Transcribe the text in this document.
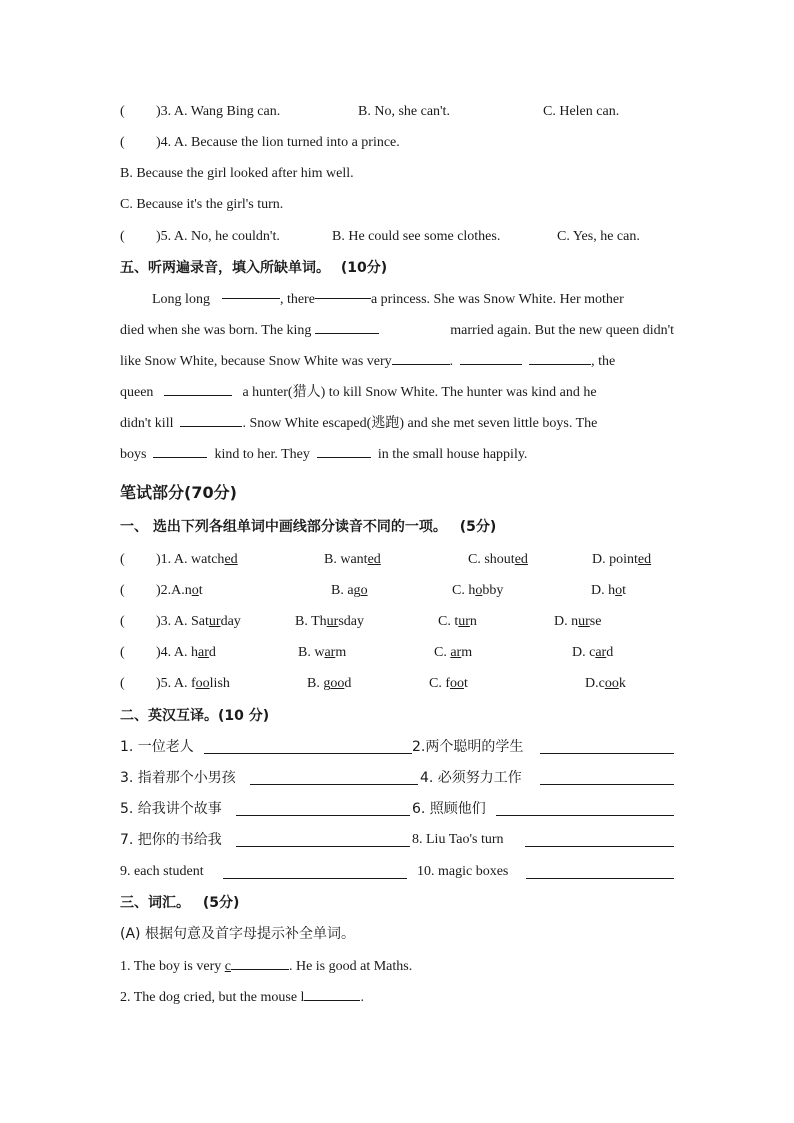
( )3. A. Wang Bing can.	B. No, she can't.	C. Helen can.
( )4. A. Because the lion turned into a prince.
B. Because the girl looked after him well.
C. Because it's the girl's turn.
( )5. A. No, he couldn't.	B. He could see some clothes.	C. Yes, he can.
五、听两遍录音，填入所缺单词。 (10分)
Long long	, there	a princess. She was Snow White. Her mother
died when she was born. The king	married again. But the new queen didn't
like Snow White, because Snow White was very	.	, the
queen	a hunter(猎人) to kill Snow White. The hunter was kind and he
didn't kill	. Snow White escaped(逃跑) and she met seven little boys. The
boys	kind to her. They	in the small house happily.
笔试部分(70分)
一、 选出下列各组单词中画线部分读音不同的一项。 (5分)
( )1. A. watched	B. wanted	C. shouted	D. pointed
( )2.A.not	B. ago	C. hobby	D. hot
( )3. A. Saturday	B. Thursday	C. turn	D. nurse
( )4. A. hard	B. warm	C. arm	D. card
( )5. A. foolish	B. good	C. foot	D.cook
二、英汉互译。(10 分)
1. 一位老人	2.两个聪明的学生
3. 指着那个小男孩	4. 必须努力工作
5. 给我讲个故事	6. 照顾他们
7. 把你的书给我	8. Liu Tao's turn
9. each student	10. magic boxes
三、词汇。 (5分)
(A) 根据句意及首字母提示补全单词。
1. The boy is very c	. He is good at Maths.
2. The dog cried, but the mouse l	.
